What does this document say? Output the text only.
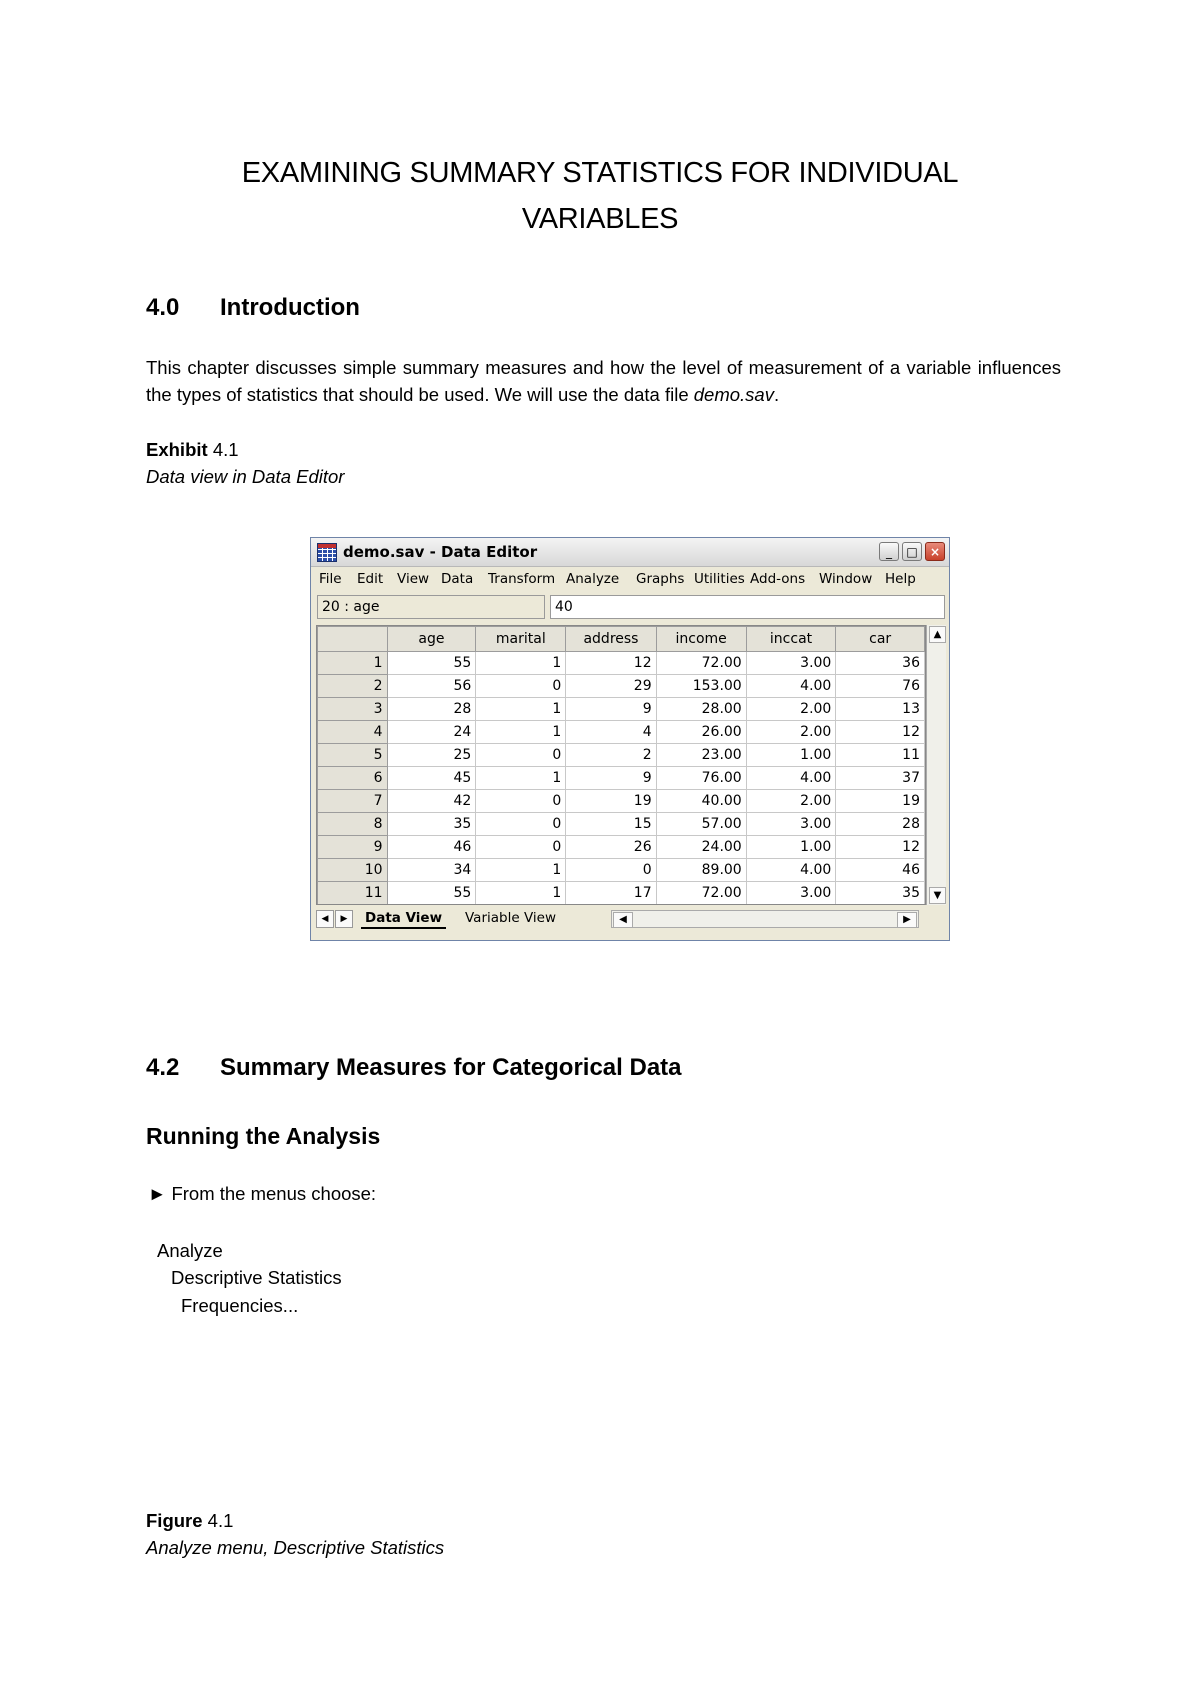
EXAMINING SUMMARY STATISTICS FOR INDIVIDUAL
VARIABLES
4.0 Introduction
This chapter discusses simple summary measures and how the level of measurement of a variable influences the types of statistics that should be used. We will use the data file demo.sav.
Exhibit 4.1
Data view in Data Editor
demo.sav - Data Editor	_	□	×
File Edit View Data Transform Analyze Graphs Utilities Add-ons Window Help
20 : age	40
	age	marital	address	income	inccat	car
1	55	1	12	72.00	3.00	36
2	56	0	29	153.00	4.00	76
3	28	1	9	28.00	2.00	13
4	24	1	4	26.00	2.00	12
5	25	0	2	23.00	1.00	11
6	45	1	9	76.00	4.00	37
7	42	0	19	40.00	2.00	19
8	35	0	15	57.00	3.00	28
9	46	0	26	24.00	1.00	12
10	34	1	0	89.00	4.00	46
11	55	1	17	72.00	3.00	35
▲
▼
◀	▶	Data View Variable View	◀	▶
4.2 Summary Measures for Categorical Data
Running the Analysis
► From the menus choose:
Analyze
Descriptive Statistics
Frequencies...
Figure 4.1
Analyze menu, Descriptive Statistics
